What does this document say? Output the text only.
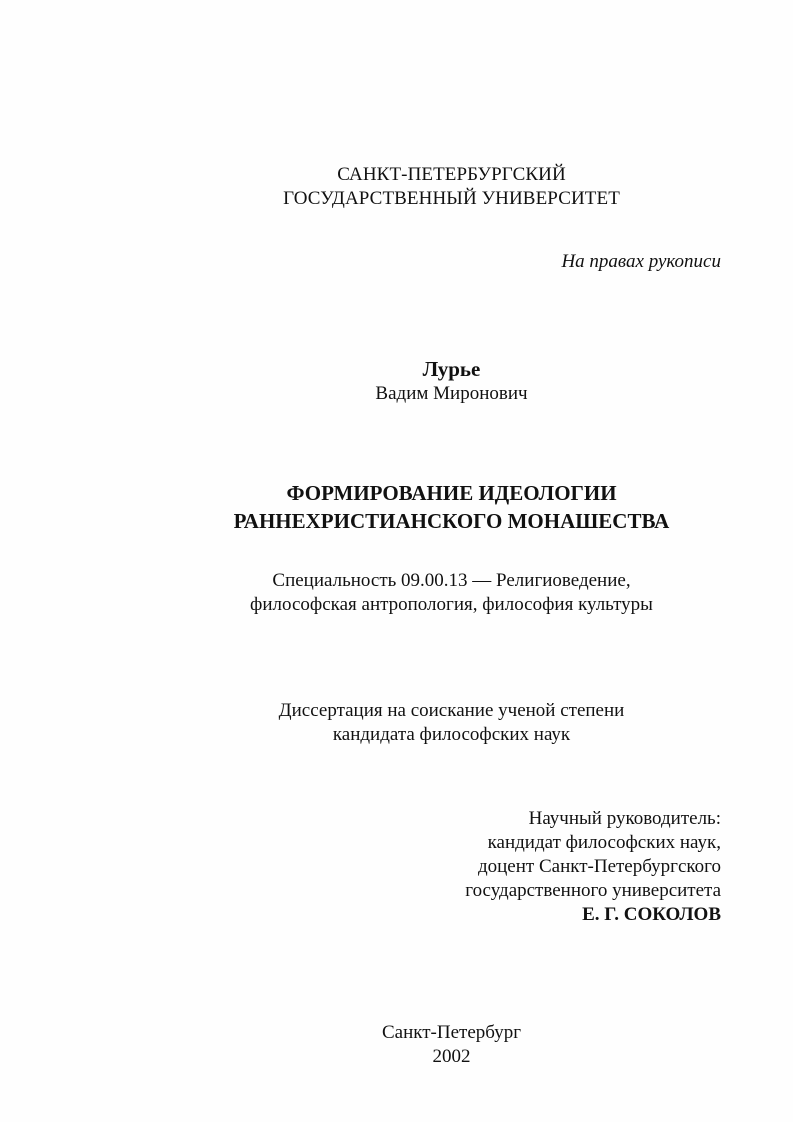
САНКТ-ПЕТЕРБУРГСКИЙ
ГОСУДАРСТВЕННЫЙ УНИВЕРСИТЕТ
На правах рукописи
Лурье
Вадим Миронович
ФОРМИРОВАНИЕ ИДЕОЛОГИИ
РАННЕХРИСТИАНСКОГО МОНАШЕСТВА
Специальность 09.00.13 — Религиоведение,
философская антропология, философия культуры
Диссертация на соискание ученой степени
кандидата философских наук
Научный руководитель:
кандидат философских наук,
доцент Санкт-Петербургского
государственного университета
Е. Г. СОКОЛОВ
Санкт-Петербург
2002
